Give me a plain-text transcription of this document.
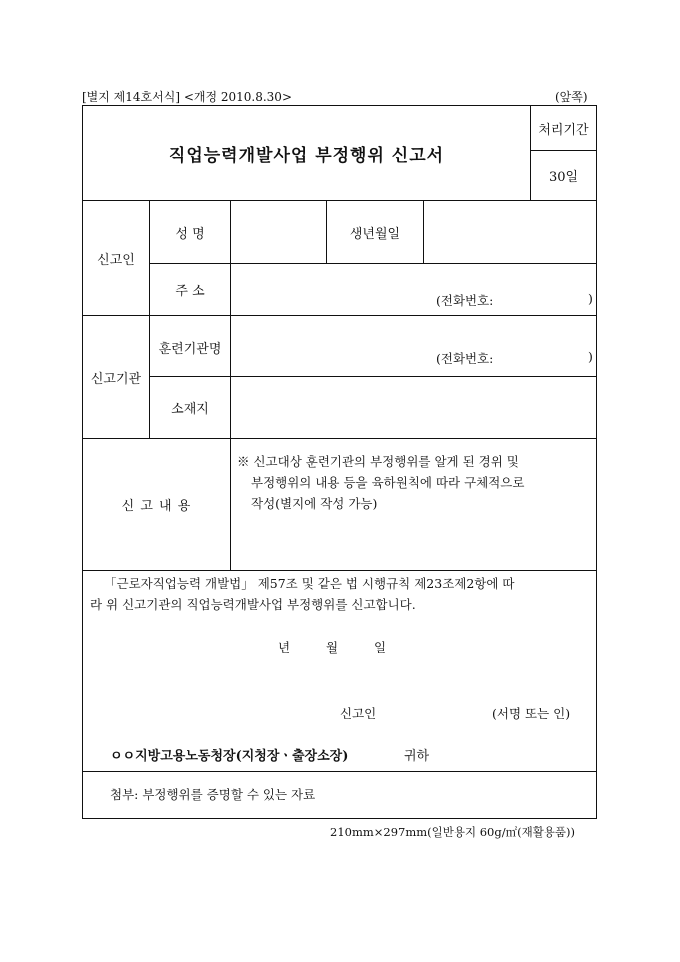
[별지 제14호서식] <개정 2010.8.30>	(앞쪽)
직업능력개발사업 부정행위 신고서
처리기간
30일
신고인
성 명	생년월일
주 소
(전화번호:	)
신고기관
훈련기관명
(전화번호:	)
소재지
신 고 내 용
※ 신고대상 훈련기관의 부정행위를 알게 된 경위 및
부정행위의 내용 등을 육하원칙에 따라 구체적으로
작성(별지에 작성 가능)
「근로자직업능력 개발법」 제57조 및 같은 법 시행규칙 제23조제2항에 따
라 위 신고기관의 직업능력개발사업 부정행위를 신고합니다.
년	월	일
신고인	(서명 또는 인)
ㅇㅇ지방고용노동청장(지청장ㆍ출장소장)	귀하
첨부: 부정행위를 증명할 수 있는 자료
210mm×297mm(일반용지 60g/㎡(재활용품))
